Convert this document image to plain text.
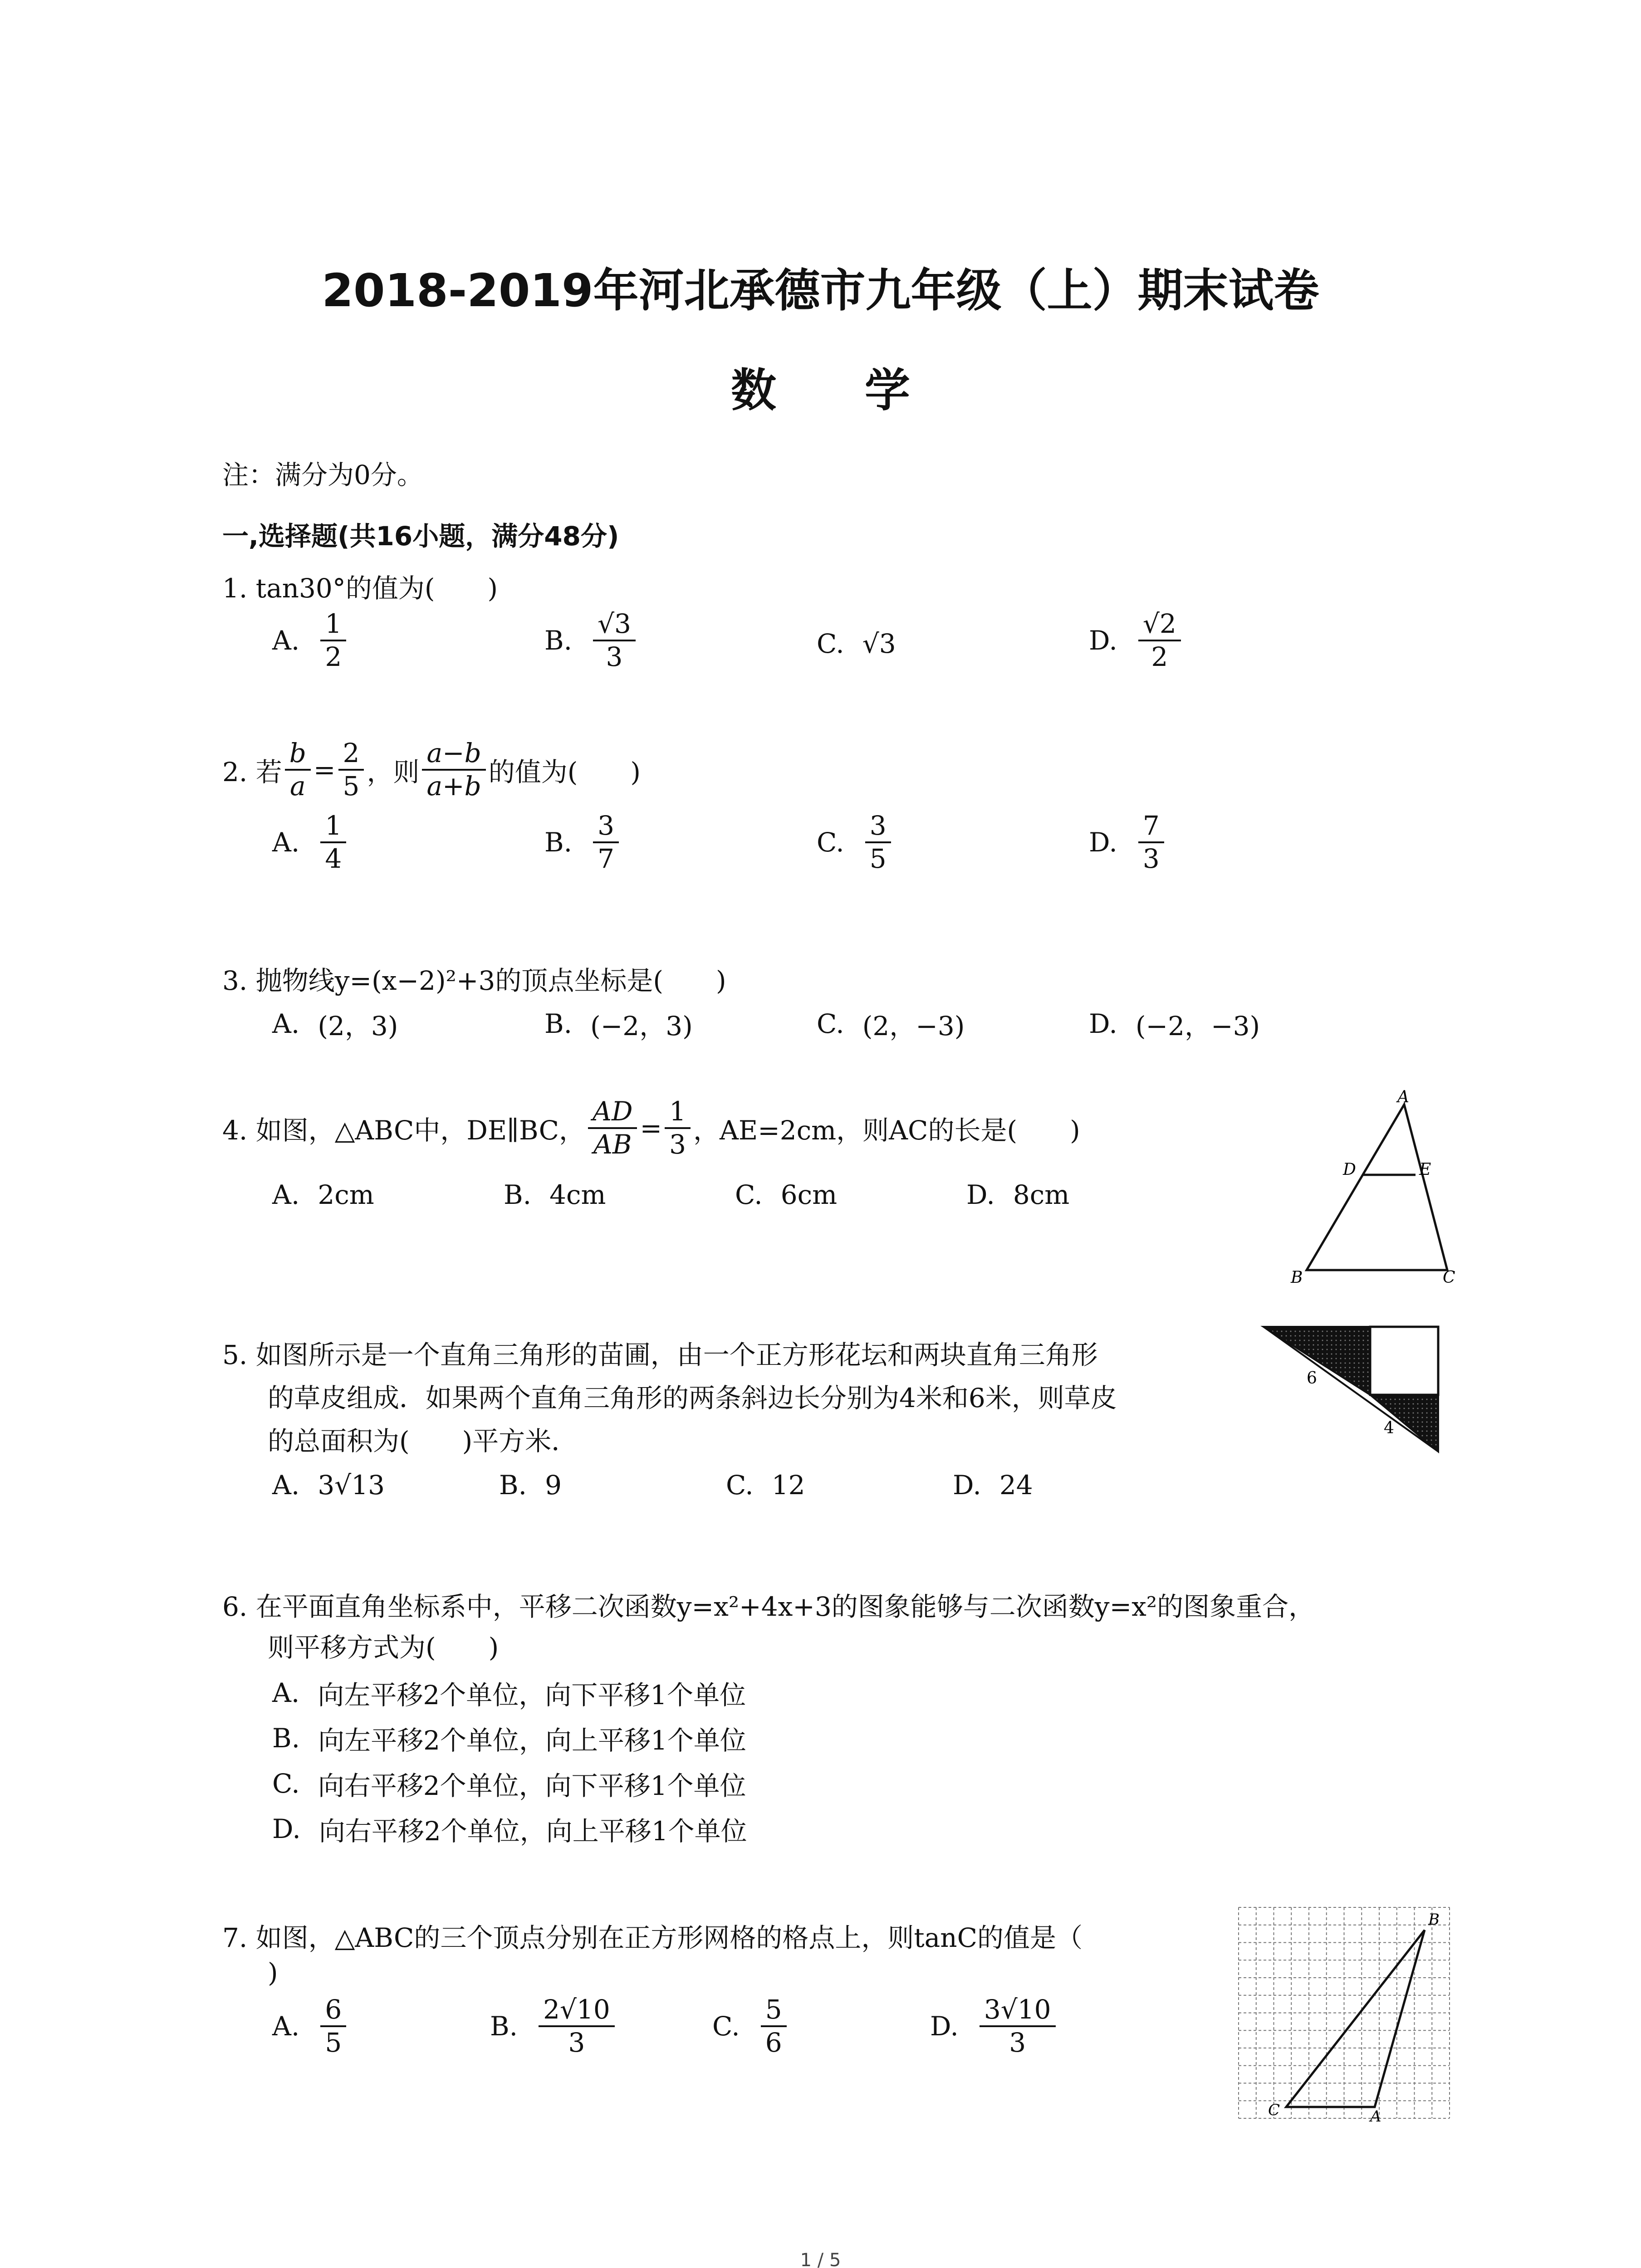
2018-2019年河北承德市九年级（上）期末试卷
数 学
注：满分为0分。
一,选择题(共16小题，满分48分)
1. tan30°的值为(　　)
A. $\frac{1}{2}$	B. $\frac{√3}{3}$	C. √3	D. $\frac{√2}{2}$
2. 若 $\frac{b}{a} = \frac{2}{5}$ ，则 $\frac{a-b}{a+b}$ 的值为(　　)
A. $\frac{1}{4}$	B. $\frac{3}{7}$	C. $\frac{3}{5}$	D. $\frac{7}{3}$
3. 抛物线y=(x−2)²+3的顶点坐标是(　　)
A. (2，3)	B. (−2，3)	C. (2，−3)	D. (−2，−3)
4. 如图，△ABC中，DE∥BC， $\frac{AD}{AB} = \frac{1}{3}$ ，AE=2cm，则AC的长是(　　)
A. 2cm	B. 4cm	C. 6cm	D. 8cm
A
D	E
B	C
5. 如图所示是一个直角三角形的苗圃，由一个正方形花坛和两块直角三角形
的草皮组成．如果两个直角三角形的两条斜边长分别为4米和6米，则草皮
的总面积为(　　)平方米．
A. 3√13	B. 9	C. 12	D. 24
6
4
6. 在平面直角坐标系中，平移二次函数y=x²+4x+3的图象能够与二次函数y=x²的图象重合，
则平移方式为(　　)
A. 向左平移2个单位，向下平移1个单位
B. 向左平移2个单位，向上平移1个单位
C. 向右平移2个单位，向下平移1个单位
D. 向右平移2个单位，向上平移1个单位
7. 如图，△ABC的三个顶点分别在正方形网格的格点上，则tanC的值是（
)
A. $\frac{6}{5}$	B. $\frac{2√10}{3}$	C. $\frac{5}{6}$	D. $\frac{3√10}{3}$
C	A
B
1 / 5
